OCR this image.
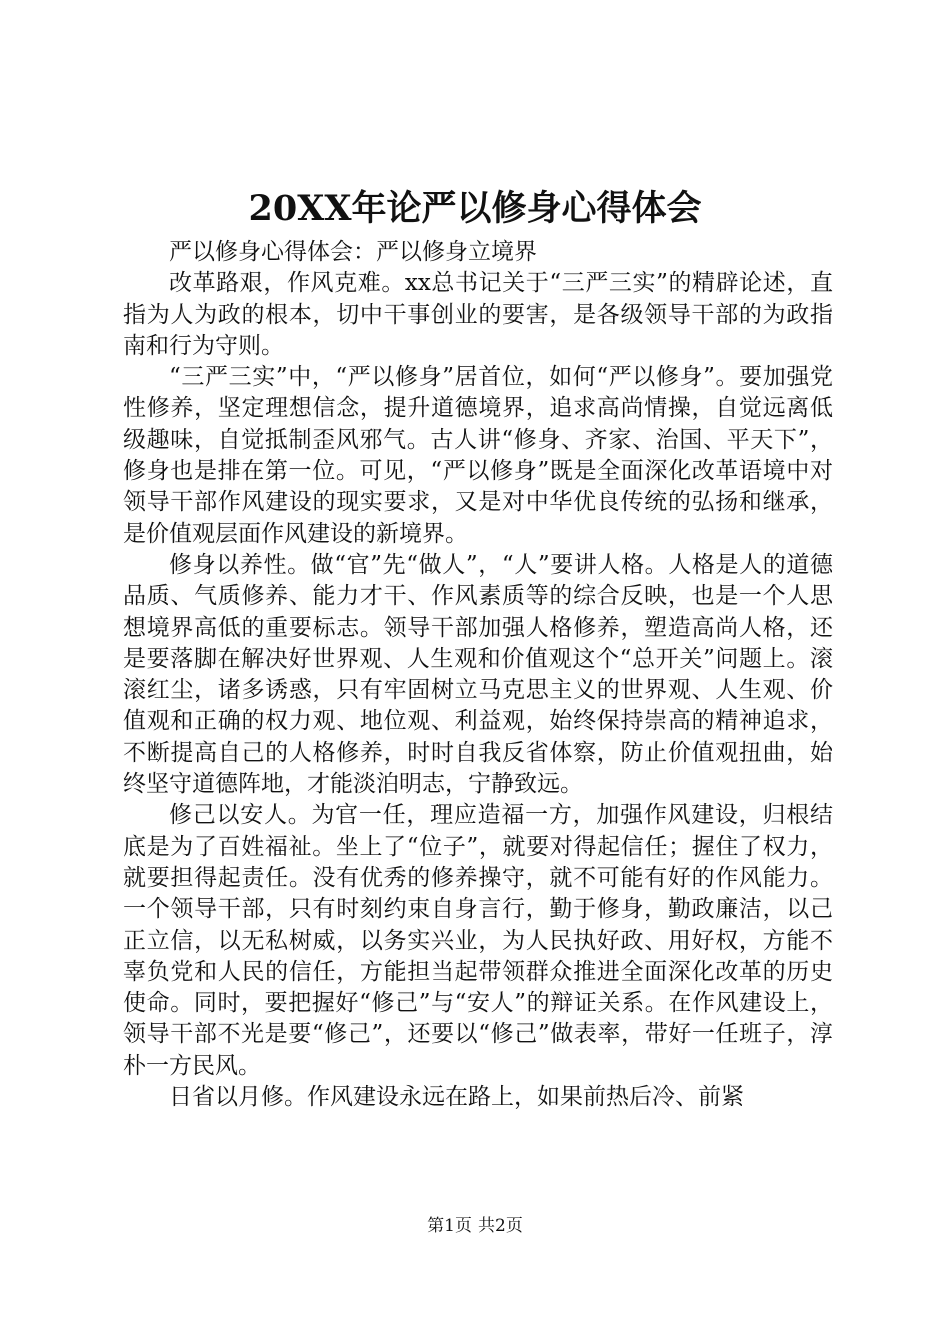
20XX年论严以修身心得体会

严以修身心得体会：严以修身立境界

改革路艰，作风克难。xx总书记关于“三严三实”的精辟论述，直指为人为政的根本，切中干事创业的要害，是各级领导干部的为政指南和行为守则。

“三严三实”中，“严以修身”居首位，如何“严以修身”。要加强党性修养，坚定理想信念，提升道德境界，追求高尚情操，自觉远离低级趣味，自觉抵制歪风邪气。古人讲“修身、齐家、治国、平天下”，修身也是排在第一位。可见，“严以修身”既是全面深化改革语境中对领导干部作风建设的现实要求，又是对中华优良传统的弘扬和继承，是价值观层面作风建设的新境界。

修身以养性。做“官”先“做人”，“人”要讲人格。人格是人的道德品质、气质修养、能力才干、作风素质等的综合反映，也是一个人思想境界高低的重要标志。领导干部加强人格修养，塑造高尚人格，还是要落脚在解决好世界观、人生观和价值观这个“总开关”问题上。滚滚红尘，诸多诱惑，只有牢固树立马克思主义的世界观、人生观、价值观和正确的权力观、地位观、利益观，始终保持崇高的精神追求，不断提高自己的人格修养，时时自我反省体察，防止价值观扭曲，始终坚守道德阵地，才能淡泊明志，宁静致远。

修己以安人。为官一任，理应造福一方，加强作风建设，归根结底是为了百姓福祉。坐上了“位子”，就要对得起信任；握住了权力，就要担得起责任。没有优秀的修养操守，就不可能有好的作风能力。一个领导干部，只有时刻约束自身言行，勤于修身，勤政廉洁，以己正立信，以无私树威，以务实兴业，为人民执好政、用好权，方能不辜负党和人民的信任，方能担当起带领群众推进全面深化改革的历史使命。同时，要把握好“修己”与“安人”的辩证关系。在作风建设上，领导干部不光是要“修己”，还要以“修己”做表率，带好一任班子，淳朴一方民风。

日省以月修。作风建设永远在路上，如果前热后冷、前紧

第1页 共2页
